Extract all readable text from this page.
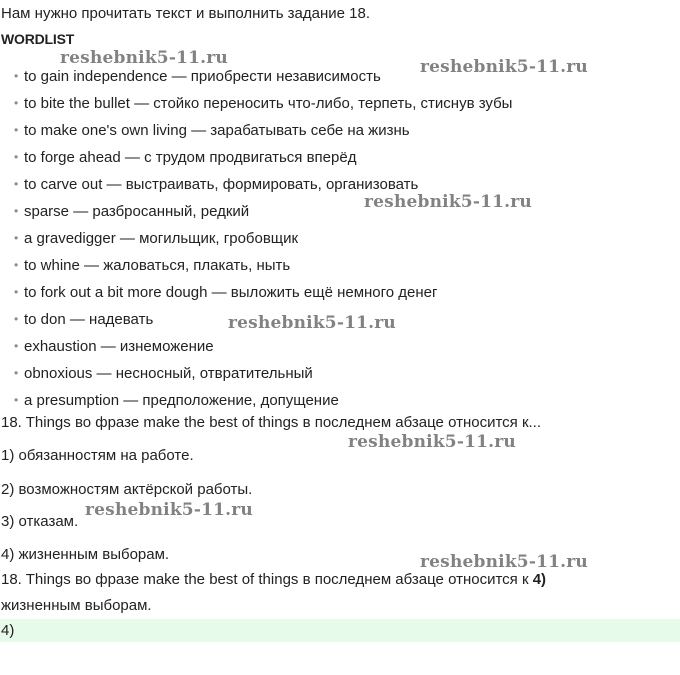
Нам нужно прочитать текст и выполнить задание 18.
WORDLIST
• to gain independence — приобрести независимость
• to bite the bullet — стойко переносить что-либо, терпеть, стиснув зубы
• to make one's own living — зарабатывать себе на жизнь
• to forge ahead — с трудом продвигаться вперёд
• to carve out — выстраивать, формировать, организовать
• sparse — разбросанный, редкий
• a gravedigger — могильщик, гробовщик
• to whine — жаловаться, плакать, ныть
• to fork out a bit more dough — выложить ещё немного денег
• to don — надевать
• exhaustion — изнеможение
• obnoxious — несносный, отвратительный
• a presumption — предположение, допущение
18. Things во фразе make the best of things в последнем абзаце относится к...
1) обязанностям на работе.
2) возможностям актёрской работы.
3) отказам.
4) жизненным выборам.
18. Things во фразе make the best of things в последнем абзаце относится к 4)
жизненным выборам.
4)
reshebnik5-11.ru	reshebnik5-11.ru
reshebnik5-11.ru
reshebnik5-11.ru
reshebnik5-11.ru
reshebnik5-11.ru
reshebnik5-11.ru
